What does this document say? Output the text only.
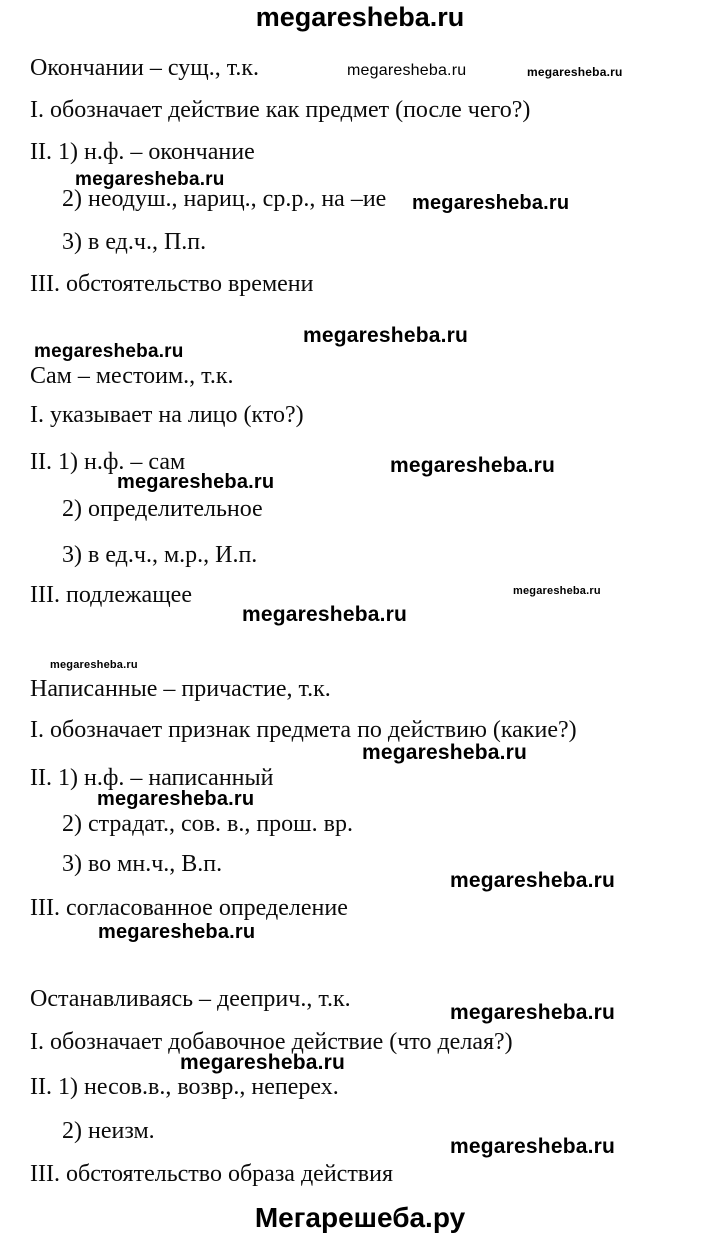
megaresheba.ru
Окончании – сущ., т.к.
I. обозначает действие как предмет (после чего?)
II. 1) н.ф. – окончание
2) неодуш., нариц., ср.р., на –ие
3) в ед.ч., П.п.
III. обстоятельство времени
Сам – местоим., т.к.
I. указывает на лицо (кто?)
II. 1) н.ф. – сам
2) определительное
3) в ед.ч., м.р., И.п.
III. подлежащее
Написанные – причастие, т.к.
I. обозначает признак предмета по действию (какие?)
II. 1) н.ф. – написанный
2) страдат., сов. в., прош. вр.
3) во мн.ч., В.п.
III. согласованное определение
Останавливаясь – дееприч., т.к.
I. обозначает добавочное действие (что делая?)
II. 1) несов.в., возвр., неперех.
2) неизм.
III. обстоятельство образа действия
megaresheba.ru	megaresheba.ru
megaresheba.ru
megaresheba.ru
megaresheba.ru
megaresheba.ru
megaresheba.ru
megaresheba.ru
megaresheba.ru
megaresheba.ru
megaresheba.ru
megaresheba.ru
megaresheba.ru
megaresheba.ru
megaresheba.ru
megaresheba.ru
megaresheba.ru
megaresheba.ru
Мегарешеба.ру
